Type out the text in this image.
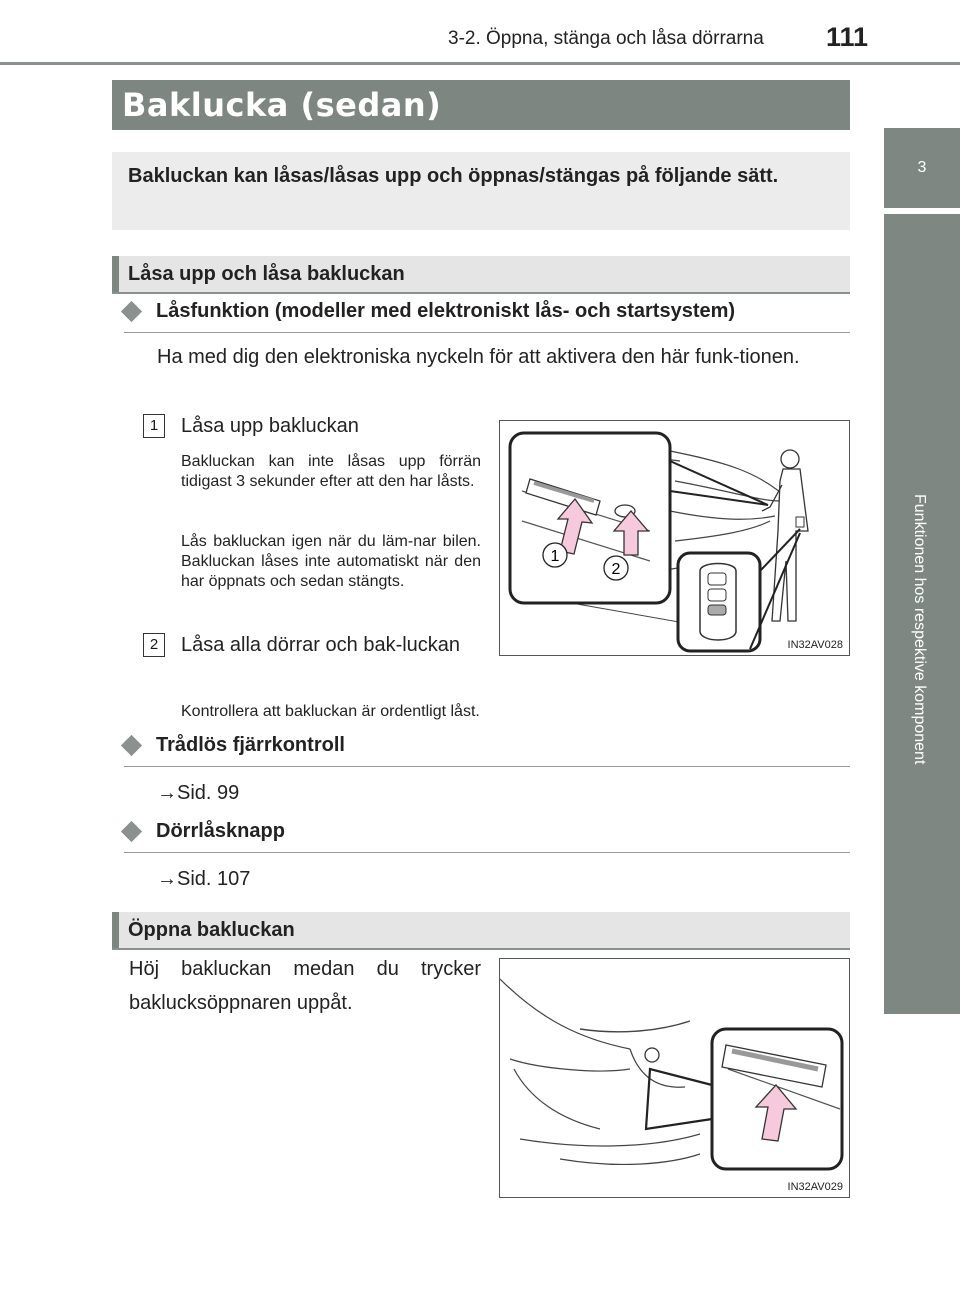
3-2. Öppna, stänga och låsa dörrarna 111
3
Funktionen hos respektive komponent
Baklucka (sedan)

Bakluckan kan låsas/låsas upp och öppnas/stängas på följande sätt.

Låsa upp och låsa bakluckan
Låsfunktion (modeller med elektroniskt lås- och startsystem)
Ha med dig den elektroniska nyckeln för att aktivera den här funk-tionen.
1	Låsa upp bakluckan
Bakluckan kan inte låsas upp förrän tidigast 3 sekunder efter att den har låsts.
Lås bakluckan igen när du läm-nar bilen. Bakluckan låses inte automatiskt när den har öppnats och sedan stängts.
2	Låsa alla dörrar och bak-luckan
Kontrollera att bakluckan är ordentligt låst.
1
2
IN32AV028
Trådlös fjärrkontroll
→Sid. 99
Dörrlåsknapp
→Sid. 107
Öppna bakluckan
Höj bakluckan medan du trycker baklucksöppnaren uppåt.
IN32AV029
